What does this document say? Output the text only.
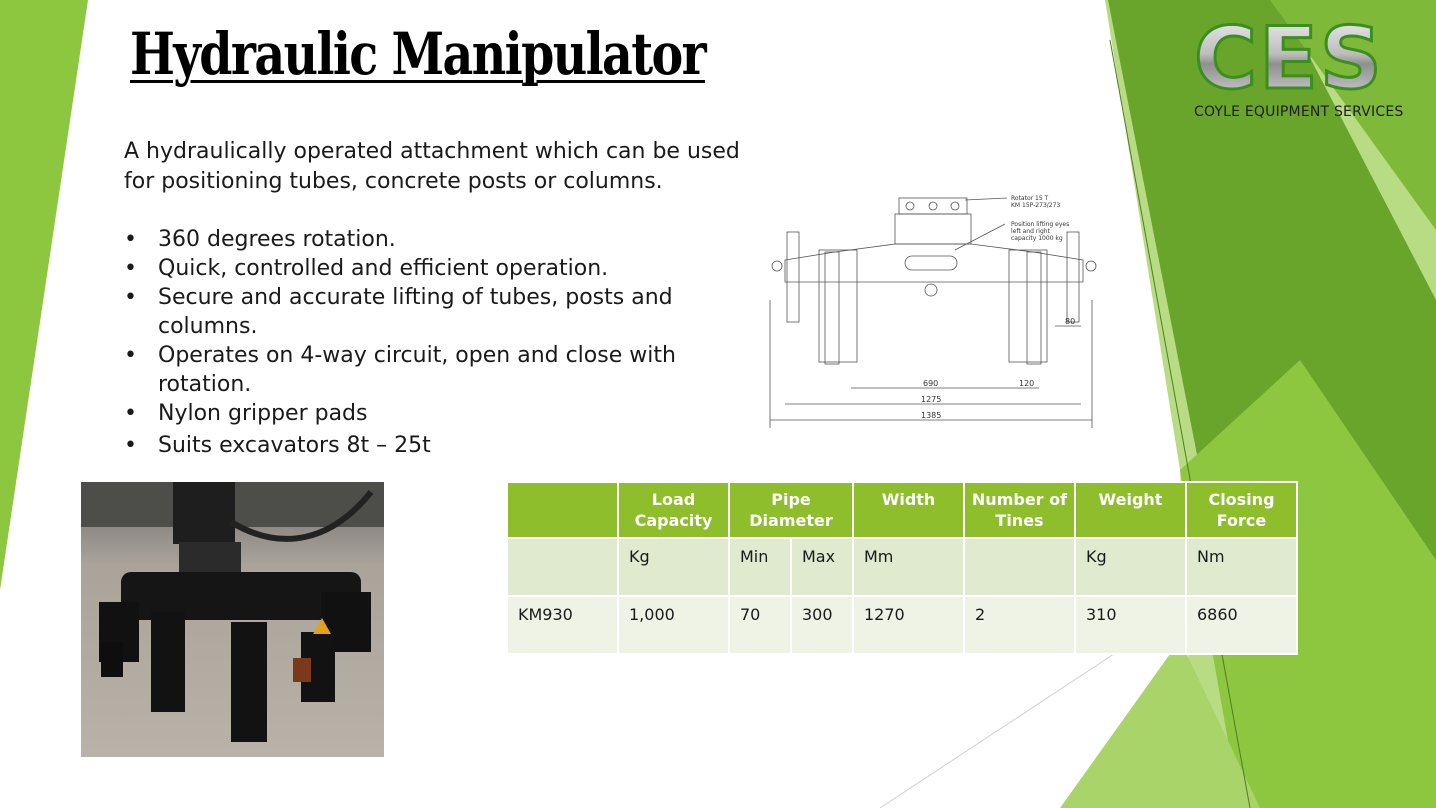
Hydraulic Manipulator
A hydraulically operated attachment which can be used for positioning tubes, concrete posts or columns.
• 360 degrees rotation.
• Quick, controlled and efficient operation.
• Secure and accurate lifting of tubes, posts and columns.
• Operates on 4-way circuit, open and close with rotation.
• Nylon gripper pads
• Suits excavators 8t – 25t
CES
COYLE EQUIPMENT SERVICES
Rotator 15 T
KM 15P-273/273
Position lifting eyes
left and right
capacity 1000 kg
80
690	120
1275
1385
	Load Capacity	Pipe Diameter		Width	Number of Tines	Weight	Closing Force
	Kg	Min	Max	Mm		Kg	Nm
KM930	1,000	70	300	1270	2	310	6860
